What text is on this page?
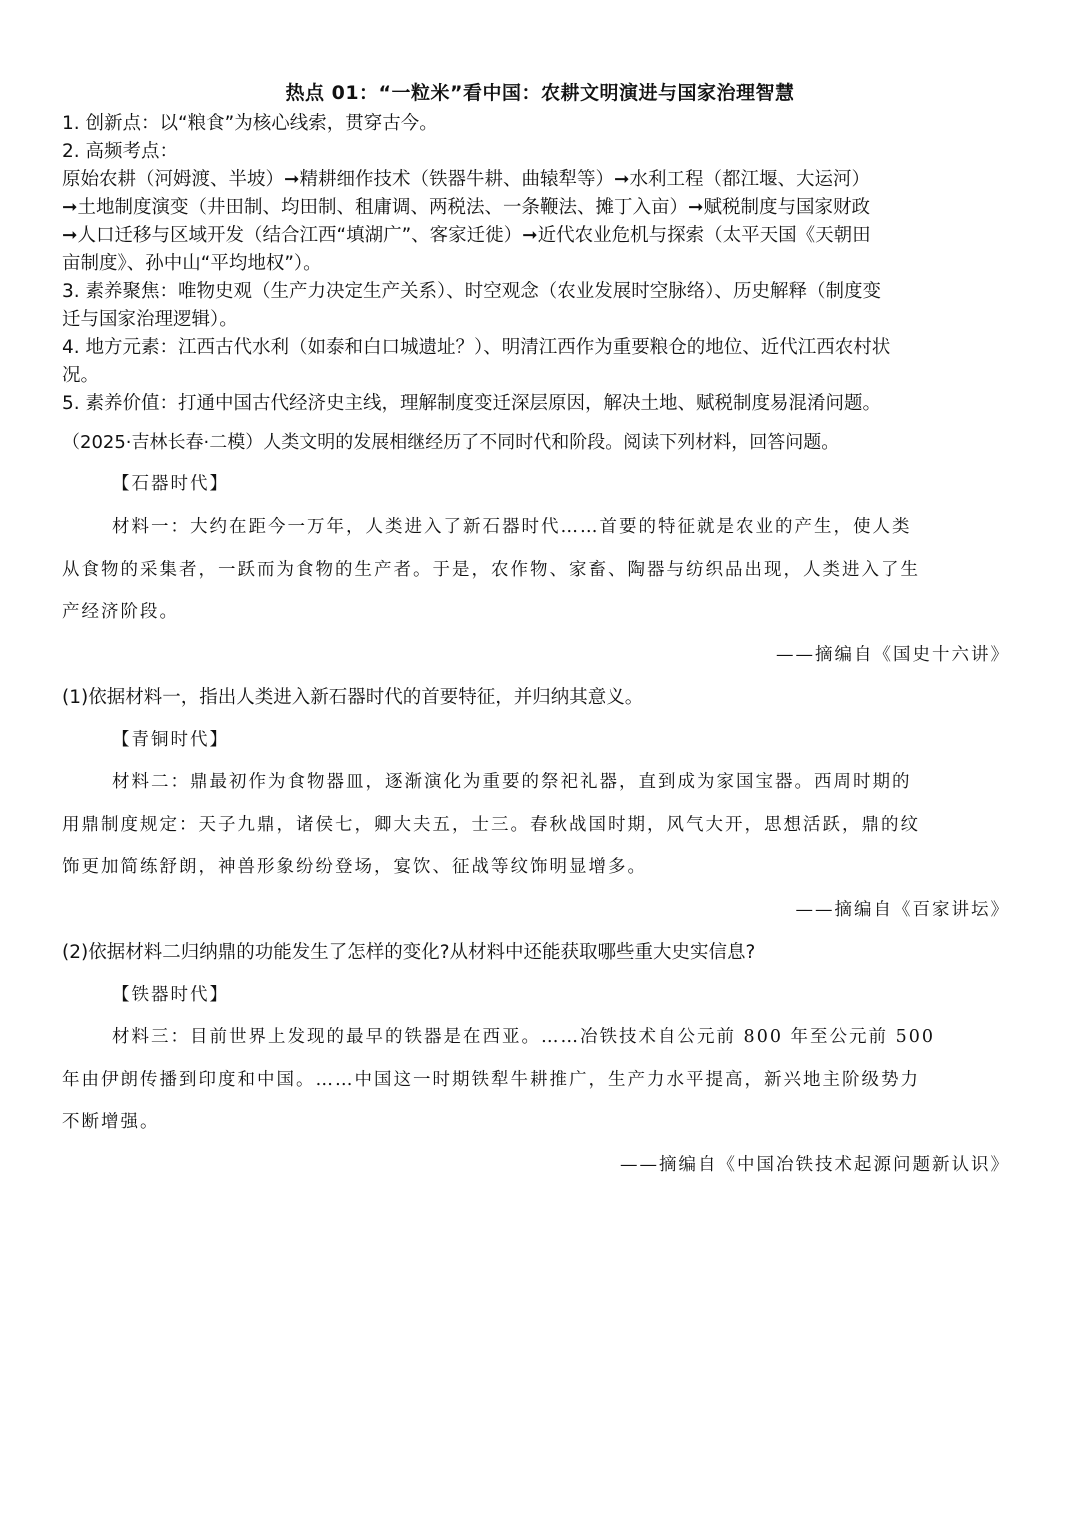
热点 01：“一粒米”看中国：农耕文明演进与国家治理智慧
1. 创新点：以“粮食”为核心线索，贯穿古今。
2. 高频考点：
原始农耕（河姆渡、半坡）➞精耕细作技术（铁器牛耕、曲辕犁等）➞水利工程（都江堰、大运河）
➞土地制度演变（井田制、均田制、租庸调、两税法、一条鞭法、摊丁入亩）➞赋税制度与国家财政
➞人口迁移与区域开发（结合江西“填湖广”、客家迁徙）➞近代农业危机与探索（太平天国《天朝田
亩制度》、孙中山“平均地权”）。
3. 素养聚焦：唯物史观（生产力决定生产关系）、时空观念（农业发展时空脉络）、历史解释（制度变
迁与国家治理逻辑）。
4. 地方元素：江西古代水利（如泰和白口城遗址？）、明清江西作为重要粮仓的地位、近代江西农村状
况。
5. 素养价值：打通中国古代经济史主线，理解制度变迁深层原因，解决土地、赋税制度易混淆问题。
（2025·吉林长春·二模）人类文明的发展相继经历了不同时代和阶段。阅读下列材料，回答问题。
【石器时代】
材料一：大约在距今一万年，人类进入了新石器时代……首要的特征就是农业的产生，使人类
从食物的采集者，一跃而为食物的生产者。于是，农作物、家畜、陶器与纺织品出现，人类进入了生
产经济阶段。
——摘编自《国史十六讲》
(1)依据材料一，指出人类进入新石器时代的首要特征，并归纳其意义。
【青铜时代】
材料二：鼎最初作为食物器皿，逐渐演化为重要的祭祀礼器，直到成为家国宝器。西周时期的
用鼎制度规定：天子九鼎，诸侯七，卿大夫五，士三。春秋战国时期，风气大开，思想活跃，鼎的纹
饰更加简练舒朗，神兽形象纷纷登场，宴饮、征战等纹饰明显增多。
——摘编自《百家讲坛》
(2)依据材料二归纳鼎的功能发生了怎样的变化?从材料中还能获取哪些重大史实信息?
【铁器时代】
材料三：目前世界上发现的最早的铁器是在西亚。……冶铁技术自公元前 800 年至公元前 500
年由伊朗传播到印度和中国。……中国这一时期铁犁牛耕推广，生产力水平提高，新兴地主阶级势力
不断增强。
——摘编自《中国冶铁技术起源问题新认识》
